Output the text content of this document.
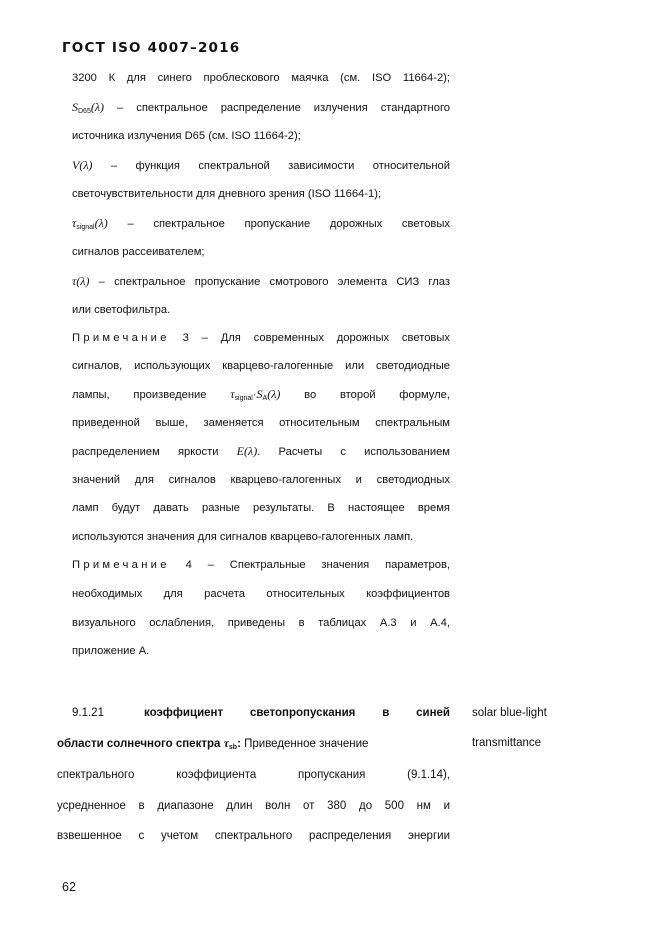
ГОСТ ISO 4007–2016
3200 К для синего проблескового маячка (см. ISO 11664-2);
$S_{D65}(\lambda)$ – спектральное распределение излучения стандартного
источника излучения D65 (см. ISO 11664-2);
V(λ) – функция спектральной зависимости относительной
светочувствительности для дневного зрения (ISO 11664-1);
$\tau_{signal}(\lambda)$ – спектральное пропускание дорожных световых
сигналов рассеивателем;
τ(λ) – спектральное пропускание смотрового элемента СИЗ глаз
или светофильтра.
Примечание 3 – Для современных дорожных световых
сигналов, использующих кварцево-галогенные или светодиодные
лампы, произведение $\tau_{signal}\cdot S_A(\lambda)$ во второй формуле,
приведенной выше, заменяется относительным спектральным
распределением яркости E(λ). Расчеты с использованием
значений для сигналов кварцево-галогенных и светодиодных
ламп будут давать разные результаты. В настоящее время
используются значения для сигналов кварцево-галогенных ламп.
Примечание 4 – Спектральные значения параметров,
необходимых для расчета относительных коэффициентов
визуального ослабления, приведены в таблицах А.3 и А.4,
приложение А.
9.1.21	коэффициент светопропускания в синей
области солнечного спектра $\tau_{sb}$: Приведенное значение
спектрального коэффициента пропускания (9.1.14),
усредненное в диапазоне длин волн от 380 до 500 нм и
взвешенное с учетом спектрального распределения энергии
solar blue-light
transmittance
62
